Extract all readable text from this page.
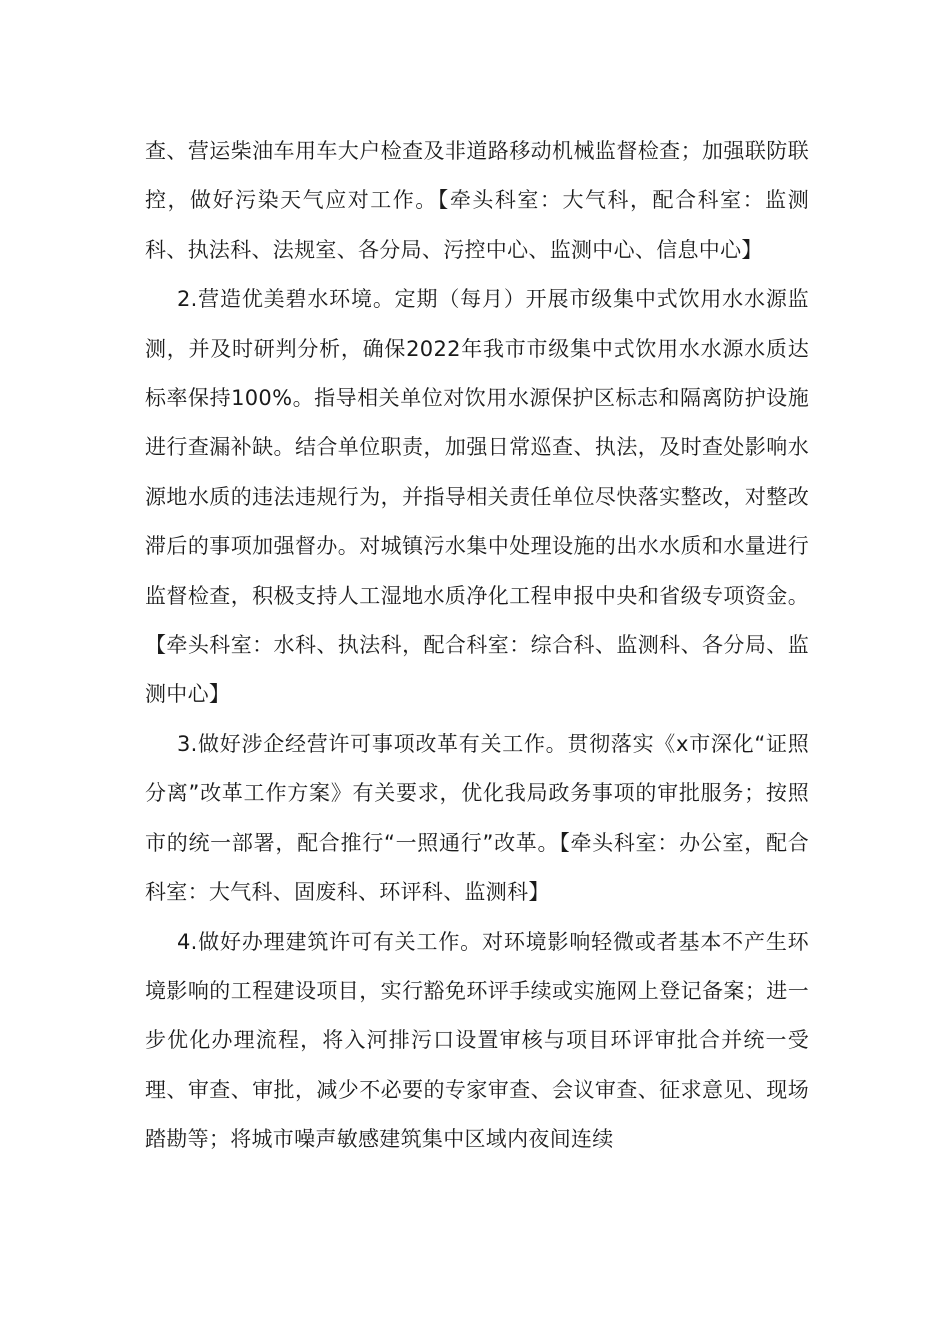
查、营运柴油车用车大户检查及非道路移动机械监督检查；加强联防联控，做好污染天气应对工作。【牵头科室：大气科，配合科室：监测科、执法科、法规室、各分局、污控中心、监测中心、信息中心】

2.营造优美碧水环境。定期（每月）开展市级集中式饮用水水源监测，并及时研判分析，确保2022年我市市级集中式饮用水水源水质达标率保持100%。指导相关单位对饮用水源保护区标志和隔离防护设施进行查漏补缺。结合单位职责，加强日常巡查、执法，及时查处影响水源地水质的违法违规行为，并指导相关责任单位尽快落实整改，对整改滞后的事项加强督办。对城镇污水集中处理设施的出水水质和水量进行监督检查，积极支持人工湿地水质净化工程申报中央和省级专项资金。【牵头科室：水科、执法科，配合科室：综合科、监测科、各分局、监测中心】

3.做好涉企经营许可事项改革有关工作。贯彻落实《x市深化“证照分离”改革工作方案》有关要求，优化我局政务事项的审批服务；按照市的统一部署，配合推行“一照通行”改革。【牵头科室：办公室，配合科室：大气科、固废科、环评科、监测科】

4.做好办理建筑许可有关工作。对环境影响轻微或者基本不产生环境影响的工程建设项目，实行豁免环评手续或实施网上登记备案；进一步优化办理流程，将入河排污口设置审核与项目环评审批合并统一受理、审查、审批，减少不必要的专家审查、会议审查、征求意见、现场踏勘等；将城市噪声敏感建筑集中区域内夜间连续
